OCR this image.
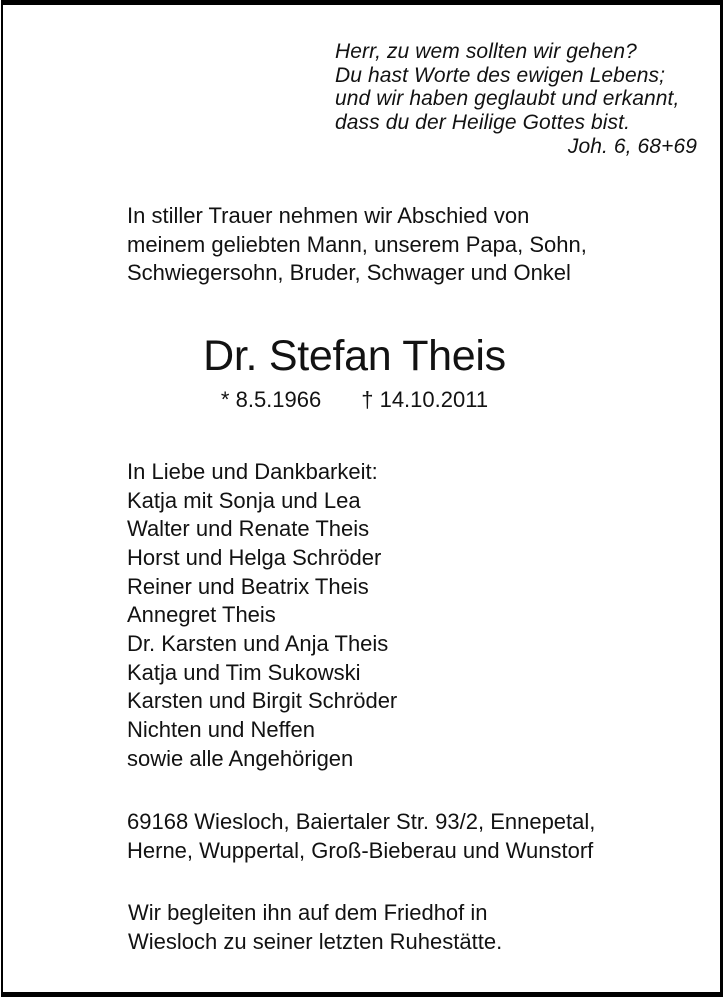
Herr, zu wem sollten wir gehen?
Du hast Worte des ewigen Lebens;
und wir haben geglaubt und erkannt,
dass du der Heilige Gottes bist.
Joh. 6, 68+69
In stiller Trauer nehmen wir Abschied von
meinem geliebten Mann, unserem Papa, Sohn,
Schwiegersohn, Bruder, Schwager und Onkel
Dr. Stefan Theis
* 8.5.1966 † 14.10.2011
In Liebe und Dankbarkeit:
Katja mit Sonja und Lea
Walter und Renate Theis
Horst und Helga Schröder
Reiner und Beatrix Theis
Annegret Theis
Dr. Karsten und Anja Theis
Katja und Tim Sukowski
Karsten und Birgit Schröder
Nichten und Neffen
sowie alle Angehörigen
69168 Wiesloch, Baiertaler Str. 93/2, Ennepetal,
Herne, Wuppertal, Groß-Bieberau und Wunstorf
Wir begleiten ihn auf dem Friedhof in
Wiesloch zu seiner letzten Ruhestätte.
